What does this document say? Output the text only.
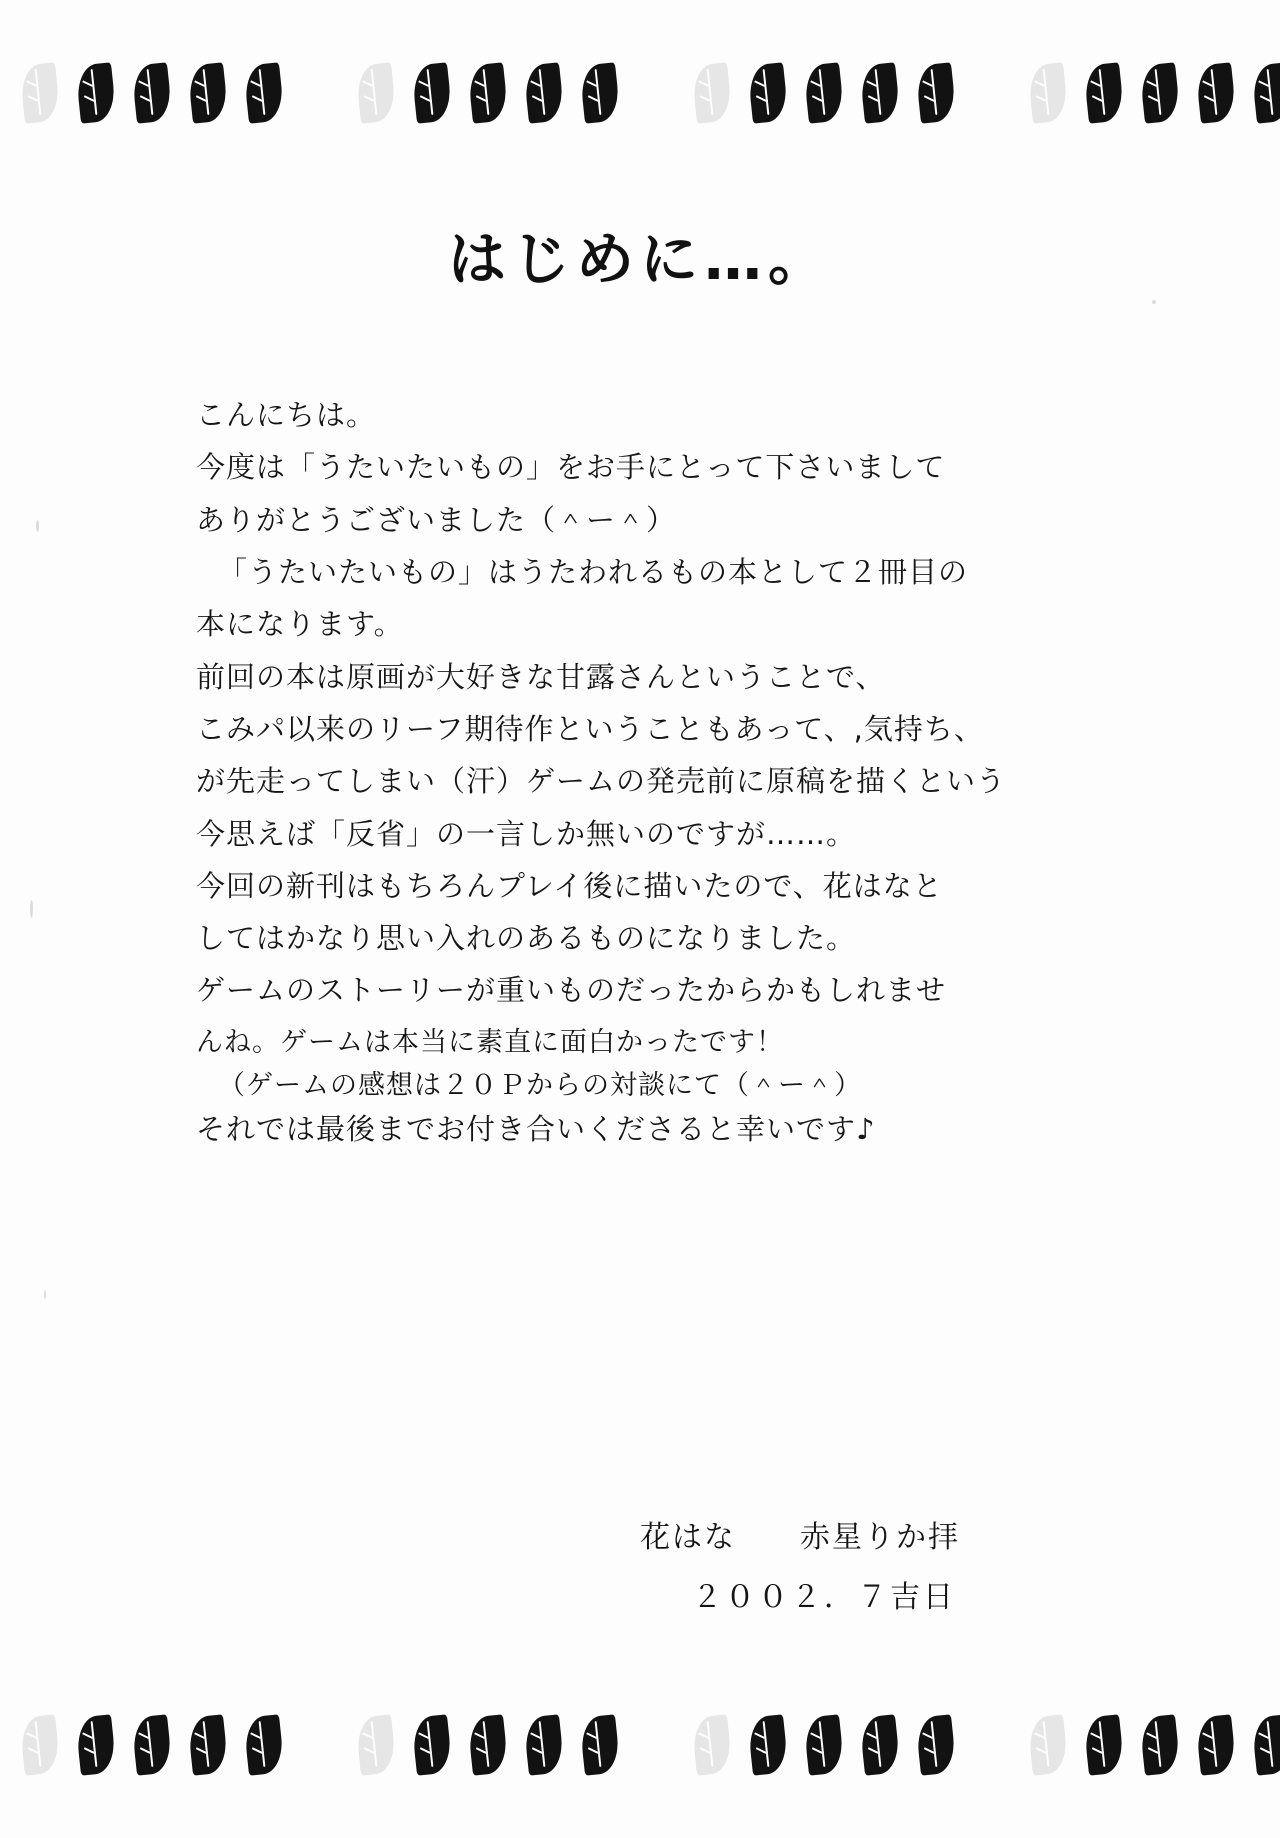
はじめに…。

こんにちは。

今度は「うたいたいもの」をお手にとって下さいまして

ありがとうございました（＾ー＾）

「うたいたいもの」はうたわれるもの本として２冊目の

本になります。

前回の本は原画が大好きな甘露さんということで、

こみパ以来のリーフ期待作ということもあって、,気持ち、

が先走ってしまい（汗）ゲームの発売前に原稿を描くという

今思えば「反省」の一言しか無いのですが……。

今回の新刊はもちろんプレイ後に描いたので、花はなと

してはかなり思い入れのあるものになりました。

ゲームのストーリーが重いものだったからかもしれませ

んね。ゲームは本当に素直に面白かったです！

（ゲームの感想は２０Ｐからの対談にて（＾ー＾）

それでは最後までお付き合いくださると幸いです♪

花はな　　赤星りか拝
２００２．７吉日
